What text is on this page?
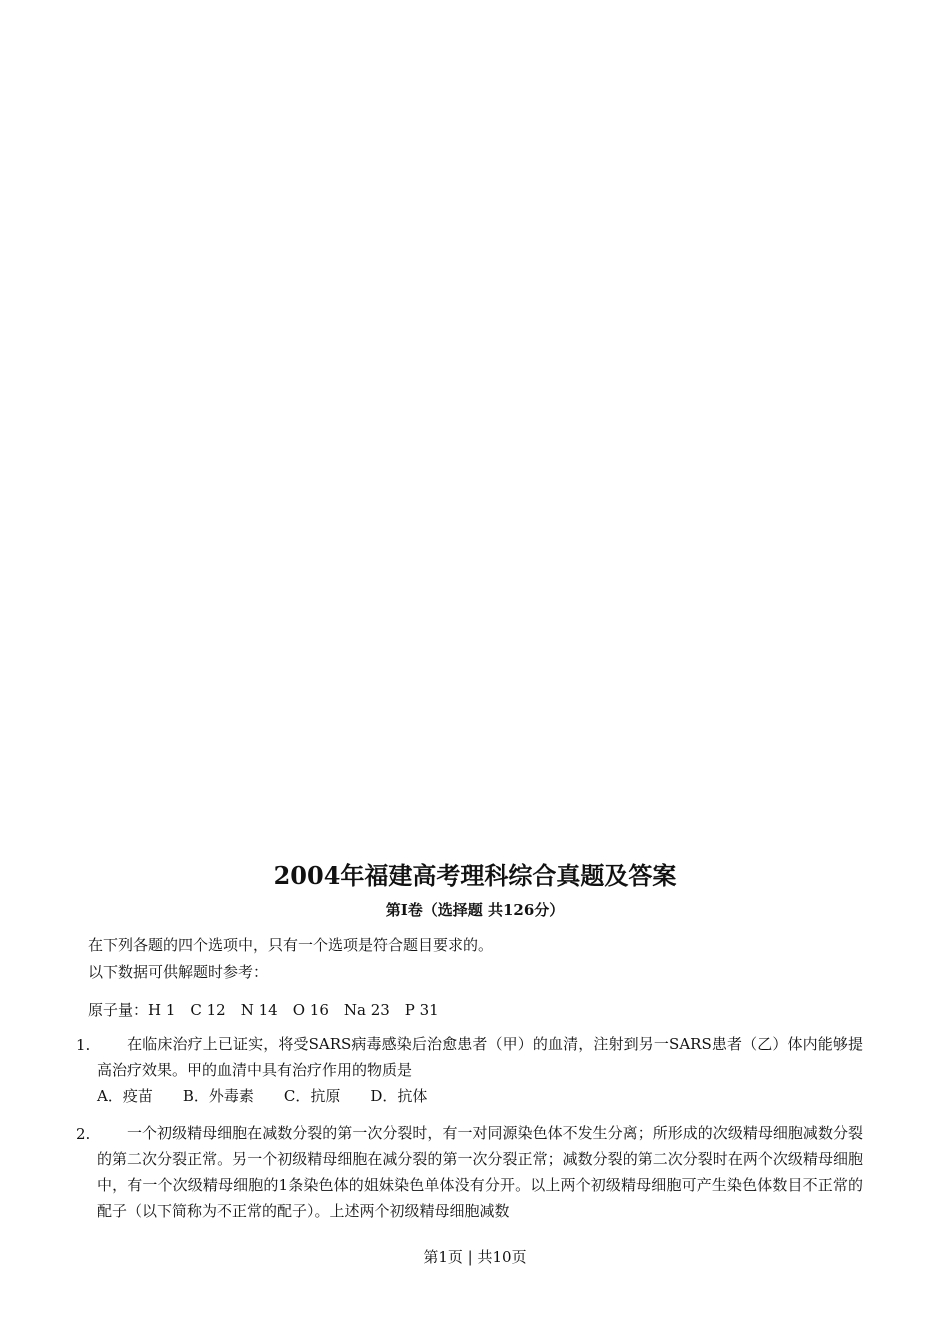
2004年福建高考理科综合真题及答案
第Ⅰ卷（选择题 共126分）
在下列各题的四个选项中，只有一个选项是符合题目要求的。
以下数据可供解题时参考：
原子量：H 1　C 12　N 14　O 16　Na 23　P 31
1.	在临床治疗上已证实，将受SARS病毒感染后治愈患者（甲）的血清，注射到另一SARS患者（乙）体内能够提高治疗效果。甲的血清中具有治疗作用的物质是
A．疫苗 B．外毒素 C．抗原 D．抗体
2.	一个初级精母细胞在减数分裂的第一次分裂时，有一对同源染色体不发生分离；所形成的次级精母细胞减数分裂的第二次分裂正常。另一个初级精母细胞在减分裂的第一次分裂正常；减数分裂的第二次分裂时在两个次级精母细胞中，有一个次级精母细胞的1条染色体的姐妹染色单体没有分开。以上两个初级精母细胞可产生染色体数目不正常的配子（以下简称为不正常的配子）。上述两个初级精母细胞减数
第1页 | 共10页
